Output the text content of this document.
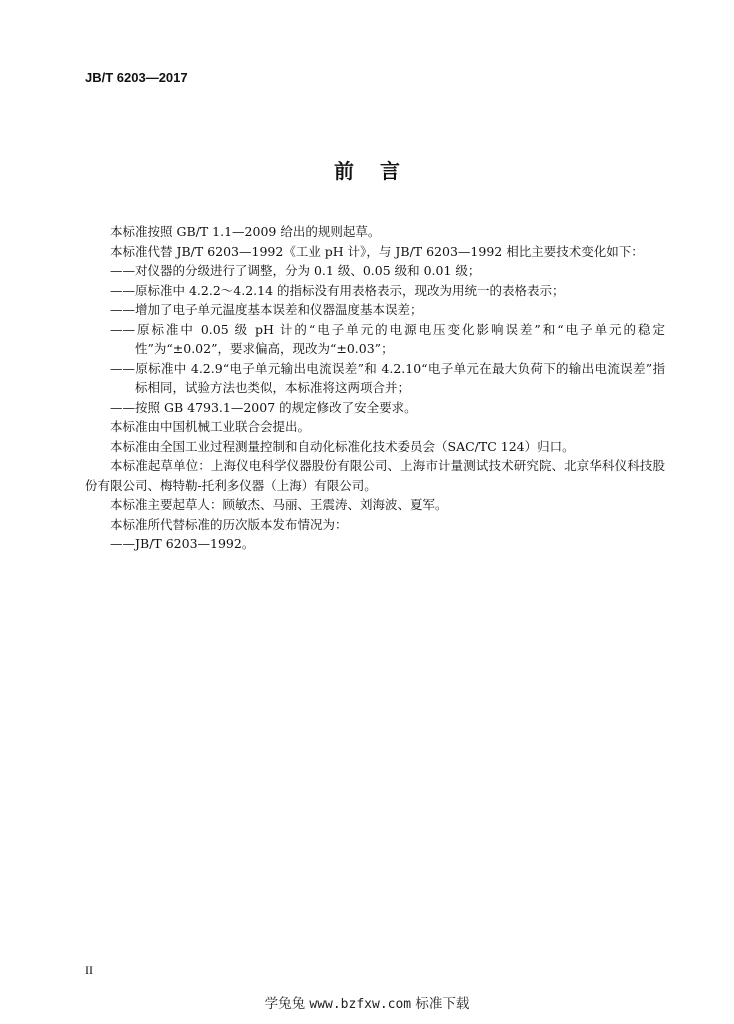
JB/T 6203—2017
前言

本标准按照 GB/T 1.1—2009 给出的规则起草。

本标准代替 JB/T 6203—1992《工业 pH 计》，与 JB/T 6203—1992 相比主要技术变化如下：

——对仪器的分级进行了调整，分为 0.1 级、0.05 级和 0.01 级；

——原标准中 4.2.2～4.2.14 的指标没有用表格表示，现改为用统一的表格表示；

——增加了电子单元温度基本误差和仪器温度基本误差；

——原标准中 0.05 级 pH 计的“电子单元的电源电压变化影响误差”和“电子单元的稳定性”为“±0.02”，要求偏高，现改为“±0.03”；

——原标准中 4.2.9“电子单元输出电流误差”和 4.2.10“电子单元在最大负荷下的输出电流误差”指标相同，试验方法也类似，本标准将这两项合并；

——按照 GB 4793.1—2007 的规定修改了安全要求。

本标准由中国机械工业联合会提出。

本标准由全国工业过程测量控制和自动化标准化技术委员会（SAC/TC 124）归口。

本标准起草单位：上海仪电科学仪器股份有限公司、上海市计量测试技术研究院、北京华科仪科技股份有限公司、梅特勒-托利多仪器（上海）有限公司。

本标准主要起草人：顾敏杰、马丽、王震涛、刘海波、夏军。

本标准所代替标准的历次版本发布情况为：

——JB/T 6203—1992。

II
学兔兔 www.bzfxw.com 标准下载
